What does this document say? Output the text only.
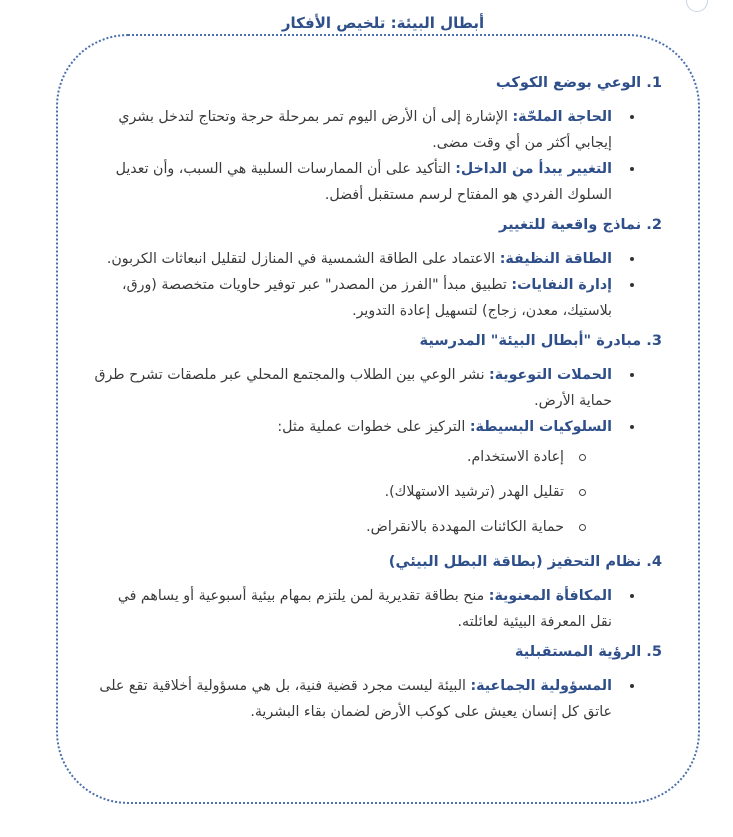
أبطال البيئة: تلخيص الأفكار
1. الوعي بوضع الكوكب
الحاجة الملحّة: الإشارة إلى أن الأرض اليوم تمر بمرحلة حرجة وتحتاج لتدخل بشري إيجابي أكثر من أي وقت مضى.
التغيير يبدأ من الداخل: التأكيد على أن الممارسات السلبية هي السبب، وأن تعديل السلوك الفردي هو المفتاح لرسم مستقبل أفضل.
2. نماذج واقعية للتغيير
الطاقة النظيفة: الاعتماد على الطاقة الشمسية في المنازل لتقليل انبعاثات الكربون.
إدارة النفايات: تطبيق مبدأ "الفرز من المصدر" عبر توفير حاويات متخصصة (ورق، بلاستيك، معدن، زجاج) لتسهيل إعادة التدوير.
3. مبادرة "أبطال البيئة" المدرسية
الحملات التوعوية: نشر الوعي بين الطلاب والمجتمع المحلي عبر ملصقات تشرح طرق حماية الأرض.
السلوكيات البسيطة: التركيز على خطوات عملية مثل:
إعادة الاستخدام.
تقليل الهدر (ترشيد الاستهلاك).
حماية الكائنات المهددة بالانقراض.
4. نظام التحفيز (بطاقة البطل البيئي)
المكافأة المعنوية: منح بطاقة تقديرية لمن يلتزم بمهام بيئية أسبوعية أو يساهم في نقل المعرفة البيئية لعائلته.
5. الرؤية المستقبلية
المسؤولية الجماعية: البيئة ليست مجرد قضية فنية، بل هي مسؤولية أخلاقية تقع على عاتق كل إنسان يعيش على كوكب الأرض لضمان بقاء البشرية.
